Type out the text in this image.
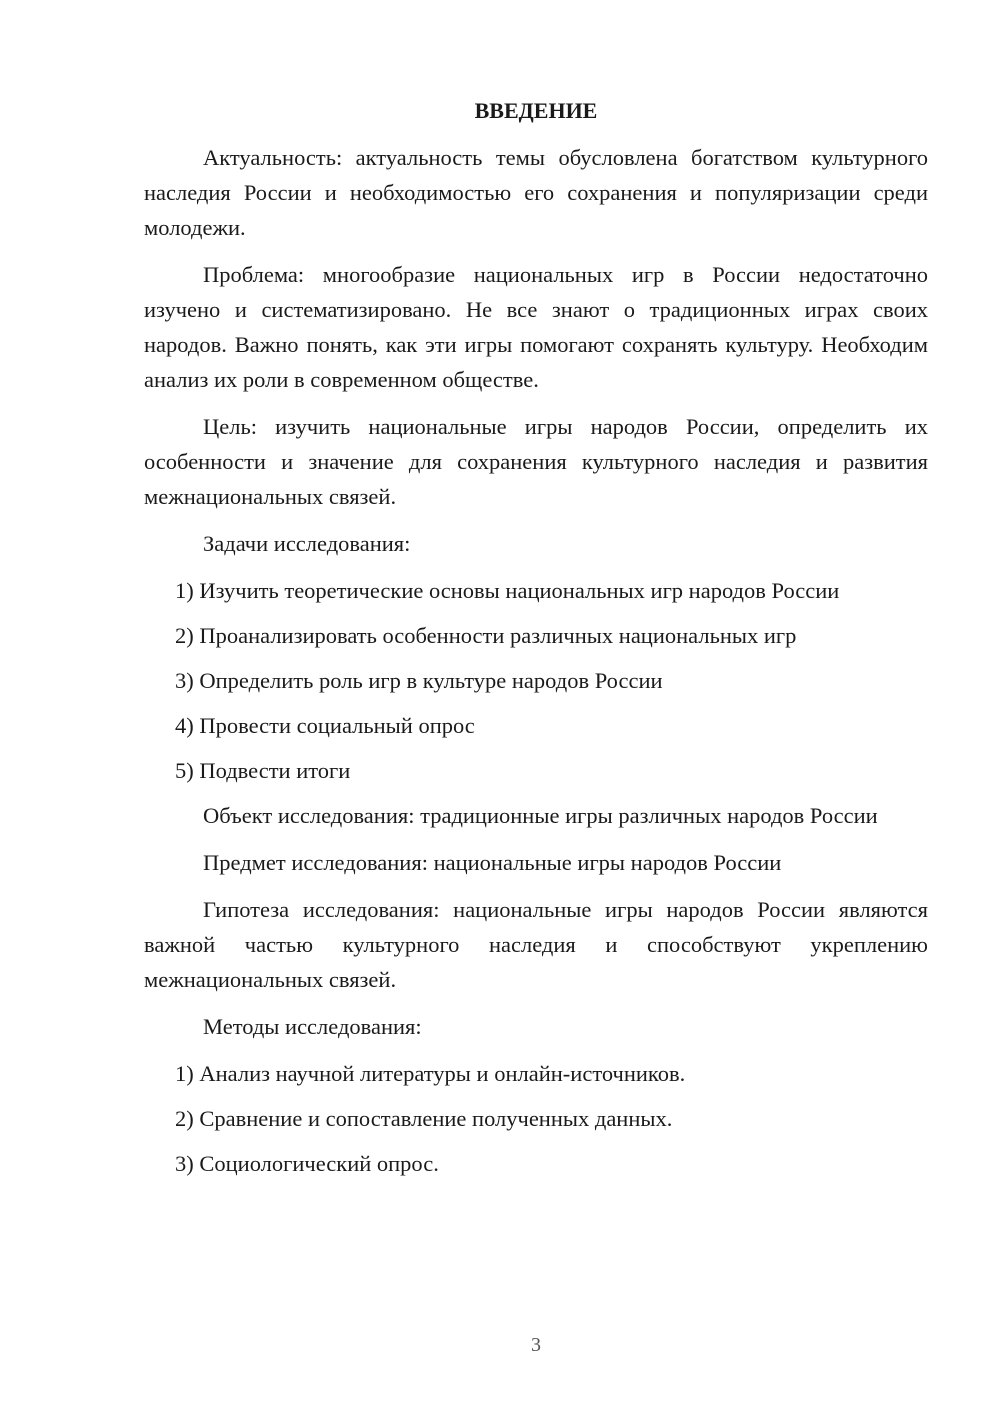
ВВЕДЕНИЕ

Актуальность: актуальность темы обусловлена богатством культурного наследия России и необходимостью его сохранения и популяризации среди молодежи.

Проблема: многообразие национальных игр в России недостаточно изучено и систематизировано. Не все знают о традиционных играх своих народов. Важно понять, как эти игры помогают сохранять культуру. Необходим анализ их роли в современном обществе.

Цель: изучить национальные игры народов России, определить их особенности и значение для сохранения культурного наследия и развития межнациональных связей.

Задачи исследования:

1) Изучить теоретические основы национальных игр народов России
2) Проанализировать особенности различных национальных игр
3) Определить роль игр в культуре народов России
4) Провести социальный опрос
5) Подвести итоги

Объект исследования: традиционные игры различных народов России

Предмет исследования: национальные игры народов России

Гипотеза исследования: национальные игры народов России являются важной частью культурного наследия и способствуют укреплению межнациональных связей.

Методы исследования:

1) Анализ научной литературы и онлайн-источников.
2) Сравнение и сопоставление полученных данных.
3) Социологический опрос.
3
